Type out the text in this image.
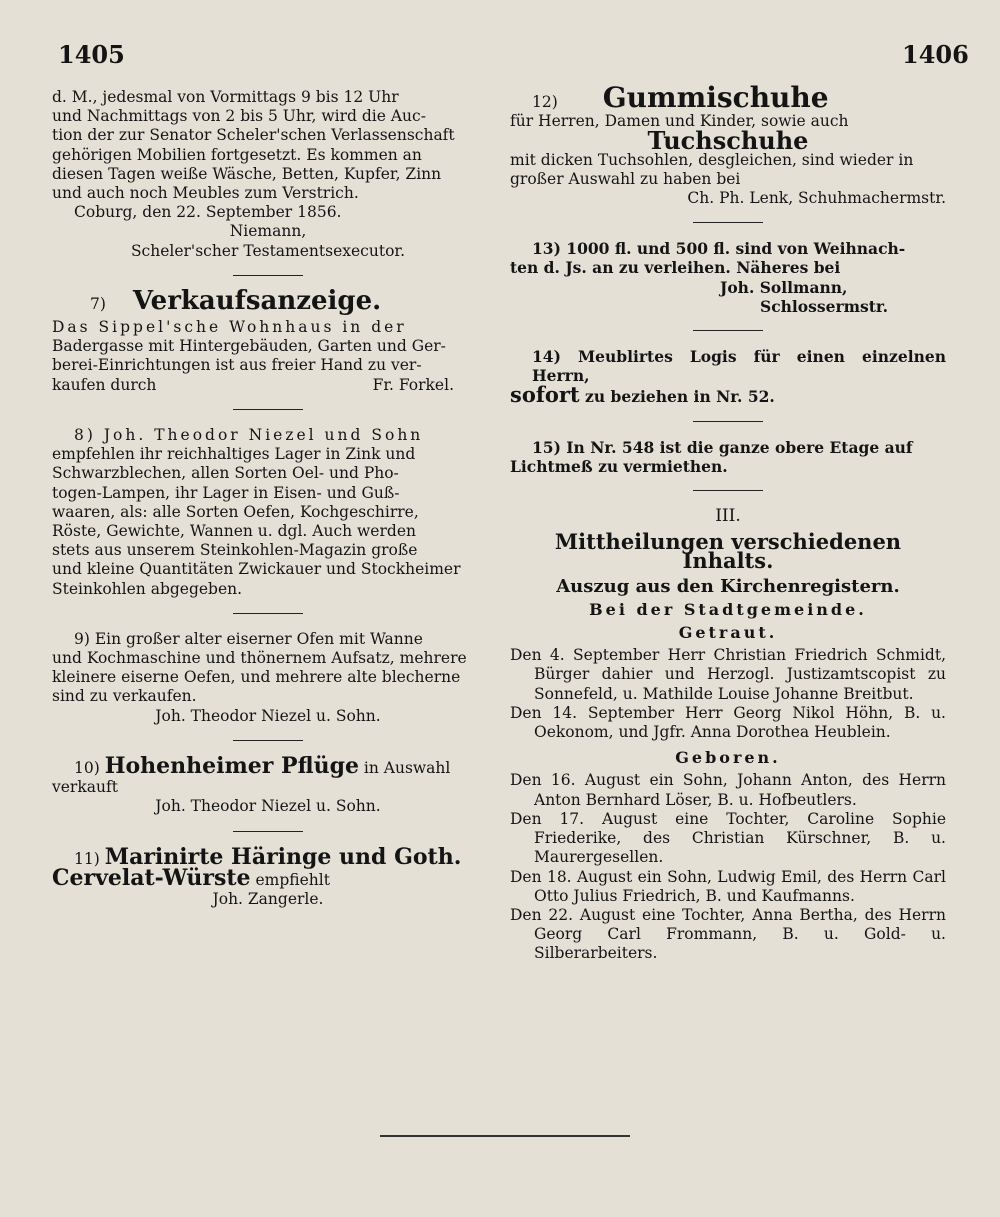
1405	1406

d. M., jedesmal von Vormittags 9 bis 12 Uhr

und Nachmittags von 2 bis 5 Uhr, wird die Auc-

tion der zur Senator Scheler'schen Verlassenschaft

gehörigen Mobilien fortgesetzt. Es kommen an

diesen Tagen weiße Wäsche, Betten, Kupfer, Zinn

und auch noch Meubles zum Verstrich.

Coburg, den 22. September 1856.

Niemann,

Scheler'scher Testamentsexecutor.

7) Verkaufsanzeige.

Das Sippel'sche Wohnhaus in der

Badergasse mit Hintergebäuden, Garten und Ger-

berei-Einrichtungen ist aus freier Hand zu ver-

kaufen durch	Fr. Forkel.

8) Joh. Theodor Niezel und Sohn

empfehlen ihr reichhaltiges Lager in Zink und

Schwarzblechen, allen Sorten Oel- und Pho-

togen-Lampen, ihr Lager in Eisen- und Guß-

waaren, als: alle Sorten Oefen, Kochgeschirre,

Röste, Gewichte, Wannen u. dgl. Auch werden

stets aus unserem Steinkohlen-Magazin große

und kleine Quantitäten Zwickauer und Stockheimer

Steinkohlen abgegeben.

9) Ein großer alter eiserner Ofen mit Wanne

und Kochmaschine und thönernem Aufsatz, mehrere

kleinere eiserne Oefen, und mehrere alte blecherne

sind zu verkaufen.

Joh. Theodor Niezel u. Sohn.

10) Hohenheimer Pflüge in Auswahl

verkauft

Joh. Theodor Niezel u. Sohn.

11) Marinirte Häringe und Goth.

Cervelat-Würste empfiehlt

Joh. Zangerle.

12) Gummischuhe

für Herren, Damen und Kinder, sowie auch

Tuchschuhe

mit dicken Tuchsohlen, desgleichen, sind wieder in

großer Auswahl zu haben bei

Ch. Ph. Lenk, Schuhmachermstr.

13) 1000 fl. und 500 fl. sind von Weihnach-

ten d. Js. an zu verleihen. Näheres bei

Joh. Sollmann,

Schlossermstr.

14) Meublirtes Logis für einen einzelnen Herrn,

sofort zu beziehen in Nr. 52.

15) In Nr. 548 ist die ganze obere Etage auf

Lichtmeß zu vermiethen.

III.

Mittheilungen verschiedenen Inhalts.

Auszug aus den Kirchenregistern.

Bei der Stadtgemeinde.

Getraut.

Den 4. September Herr Christian Friedrich Schmidt, Bürger dahier und Herzogl. Justizamtscopist zu Sonnefeld, u. Mathilde Louise Johanne Breitbut.

Den 14. September Herr Georg Nikol Höhn, B. u. Oekonom, und Jgfr. Anna Dorothea Heublein.

Geboren.

Den 16. August ein Sohn, Johann Anton, des Herrn Anton Bernhard Löser, B. u. Hofbeutlers.

Den 17. August eine Tochter, Caroline Sophie Friederike, des Christian Kürschner, B. u. Maurergesellen.

Den 18. August ein Sohn, Ludwig Emil, des Herrn Carl Otto Julius Friedrich, B. und Kaufmanns.

Den 22. August eine Tochter, Anna Bertha, des Herrn Georg Carl Frommann, B. u. Gold- u. Silberarbeiters.
